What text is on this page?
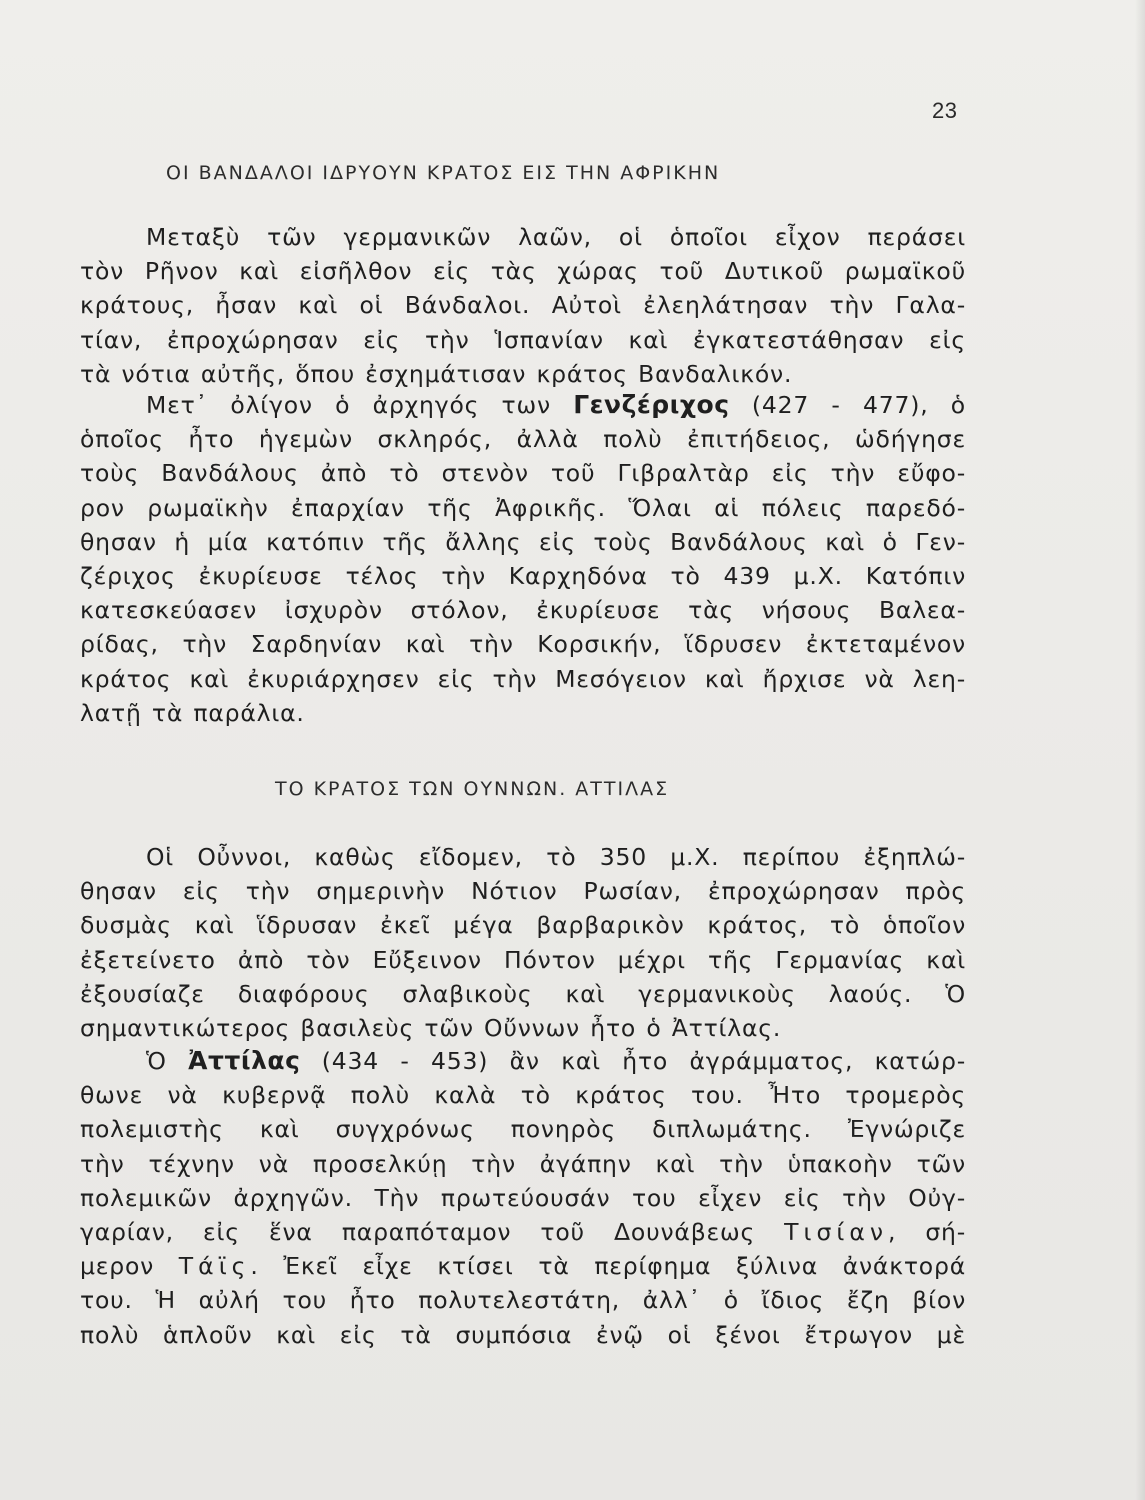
23
ΟΙ ΒΑΝΔΑΛΟΙ ΙΔΡΥΟΥΝ ΚΡΑΤΟΣ ΕΙΣ ΤΗΝ ΑΦΡΙΚΗΝ

Μεταξὺ τῶν γερμανικῶν λαῶν, οἱ ὁποῖοι εἶχον περάσει
τὸν Ρῆνον καὶ εἰσῆλθον εἰς τὰς χώρας τοῦ Δυτικοῦ ρωμαϊκοῦ
κράτους, ἦσαν καὶ οἱ Βάνδαλοι. Αὐτοὶ ἐλεηλάτησαν τὴν Γαλα-
τίαν, ἐπροχώρησαν εἰς τὴν Ἱσπανίαν καὶ ἐγκατεστάθησαν εἰς
τὰ νότια αὐτῆς, ὅπου ἐσχημάτισαν κράτος Βανδαλικόν.

Μετ᾿ ὀλίγον ὁ ἀρχηγός των Γενζέριχος (427 - 477), ὁ
ὁποῖος ἦτο ἡγεμὼν σκληρός, ἀλλὰ πολὺ ἐπιτήδειος, ὡδήγησε
τοὺς Βανδάλους ἀπὸ τὸ στενὸν τοῦ Γιβραλτὰρ εἰς τὴν εὔφο-
ρον ρωμαϊκὴν ἐπαρχίαν τῆς Ἀφρικῆς. Ὅλαι αἱ πόλεις παρεδό-
θησαν ἡ μία κατόπιν τῆς ἄλλης εἰς τοὺς Βανδάλους καὶ ὁ Γεν-
ζέριχος ἐκυρίευσε τέλος τὴν Καρχηδόνα τὸ 439 μ.Χ. Κατόπιν
κατεσκεύασεν ἰσχυρὸν στόλον, ἐκυρίευσε τὰς νήσους Βαλεα-
ρίδας, τὴν Σαρδηνίαν καὶ τὴν Κορσικήν, ἵδρυσεν ἐκτεταμένον
κράτος καὶ ἐκυριάρχησεν εἰς τὴν Μεσόγειον καὶ ἤρχισε νὰ λεη-
λατῇ τὰ παράλια.

ΤΟ ΚΡΑΤΟΣ ΤΩΝ ΟΥΝΝΩΝ. ΑΤΤΙΛΑΣ

Οἱ Οὖννοι, καθὼς εἴδομεν, τὸ 350 μ.Χ. περίπου ἐξηπλώ-
θησαν εἰς τὴν σημερινὴν Νότιον Ρωσίαν, ἐπροχώρησαν πρὸς
δυσμὰς καὶ ἵδρυσαν ἐκεῖ μέγα βαρβαρικὸν κράτος, τὸ ὁποῖον
ἐξετείνετο ἀπὸ τὸν Εὔξεινον Πόντον μέχρι τῆς Γερμανίας καὶ
ἐξουσίαζε διαφόρους σλαβικοὺς καὶ γερμανικοὺς λαούς. Ὁ
σημαντικώτερος βασιλεὺς τῶν Οὔννων ἦτο ὁ Ἀττίλας.

Ὁ Ἀττίλας (434 - 453) ἂν καὶ ἦτο ἀγράμματος, κατώρ-
θωνε νὰ κυβερνᾷ πολὺ καλὰ τὸ κράτος του. Ἦτο τρομερὸς
πολεμιστὴς καὶ συγχρόνως πονηρὸς διπλωμάτης. Ἐγνώριζε
τὴν τέχνην νὰ προσελκύῃ τὴν ἀγάπην καὶ τὴν ὑπακοὴν τῶν
πολεμικῶν ἀρχηγῶν. Τὴν πρωτεύουσάν του εἶχεν εἰς τὴν Οὐγ-
γαρίαν, εἰς ἕνα παραπόταμον τοῦ Δουνάβεως Τισίαν, σή-
μερον Τάϊς. Ἐκεῖ εἶχε κτίσει τὰ περίφημα ξύλινα ἀνάκτορά
του. Ἡ αὐλή του ἦτο πολυτελεστάτη, ἀλλ᾿ ὁ ἴδιος ἔζη βίον
πολὺ ἁπλοῦν καὶ εἰς τὰ συμπόσια ἐνῷ οἱ ξένοι ἔτρωγον μὲ
